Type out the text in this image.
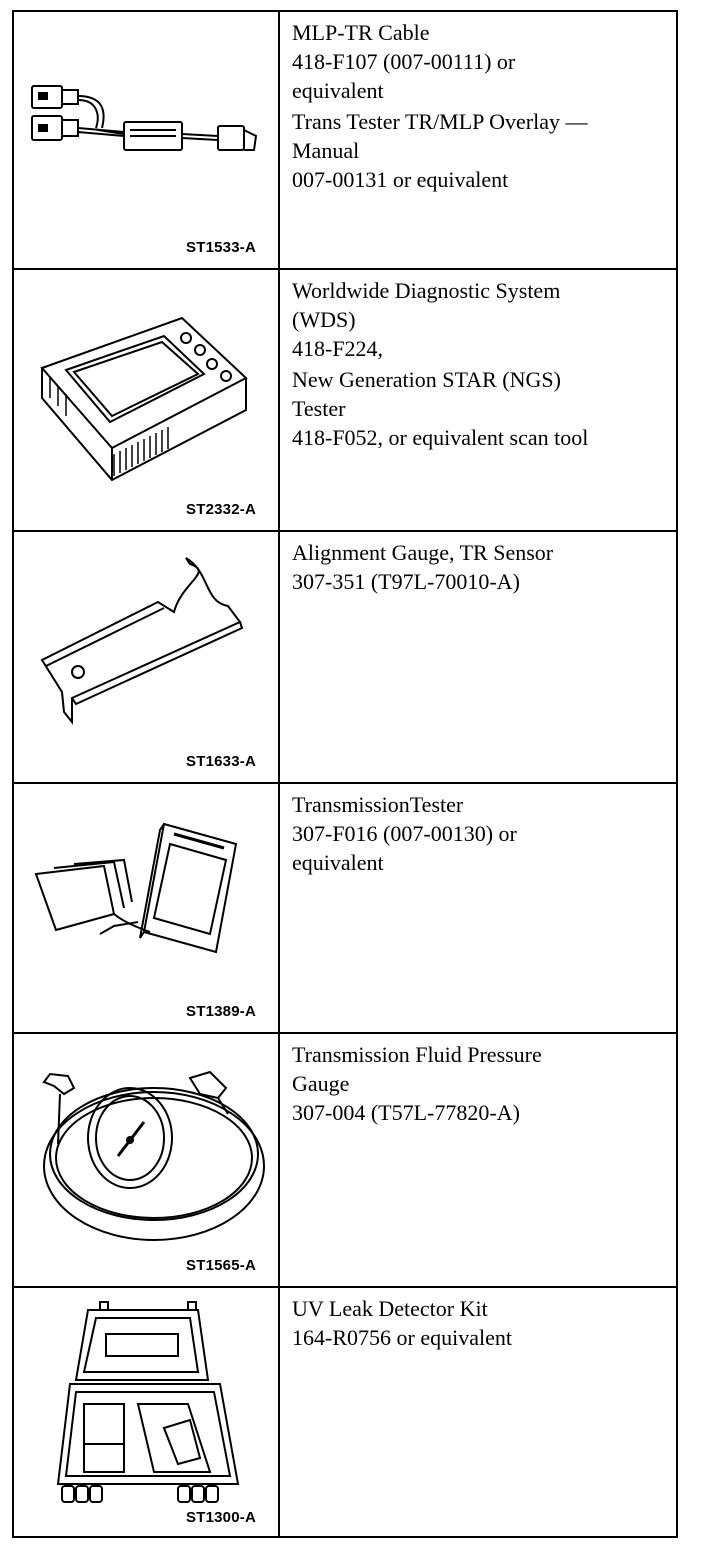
ST1533-A

MLP-TR Cable
418-F107 (007-00111) or
equivalent

Trans Tester TR/MLP Overlay —
Manual
007-00131 or equivalent

ST2332-A

Worldwide Diagnostic System
(WDS)
418-F224,

New Generation STAR (NGS)
Tester
418-F052, or equivalent scan tool

ST1633-A

Alignment Gauge, TR Sensor
307-351 (T97L-70010-A)

ST1389-A

TransmissionTester
307-F016 (007-00130) or
equivalent

ST1565-A

Transmission Fluid Pressure
Gauge
307-004 (T57L-77820-A)

ST1300-A

UV Leak Detector Kit
164-R0756 or equivalent
